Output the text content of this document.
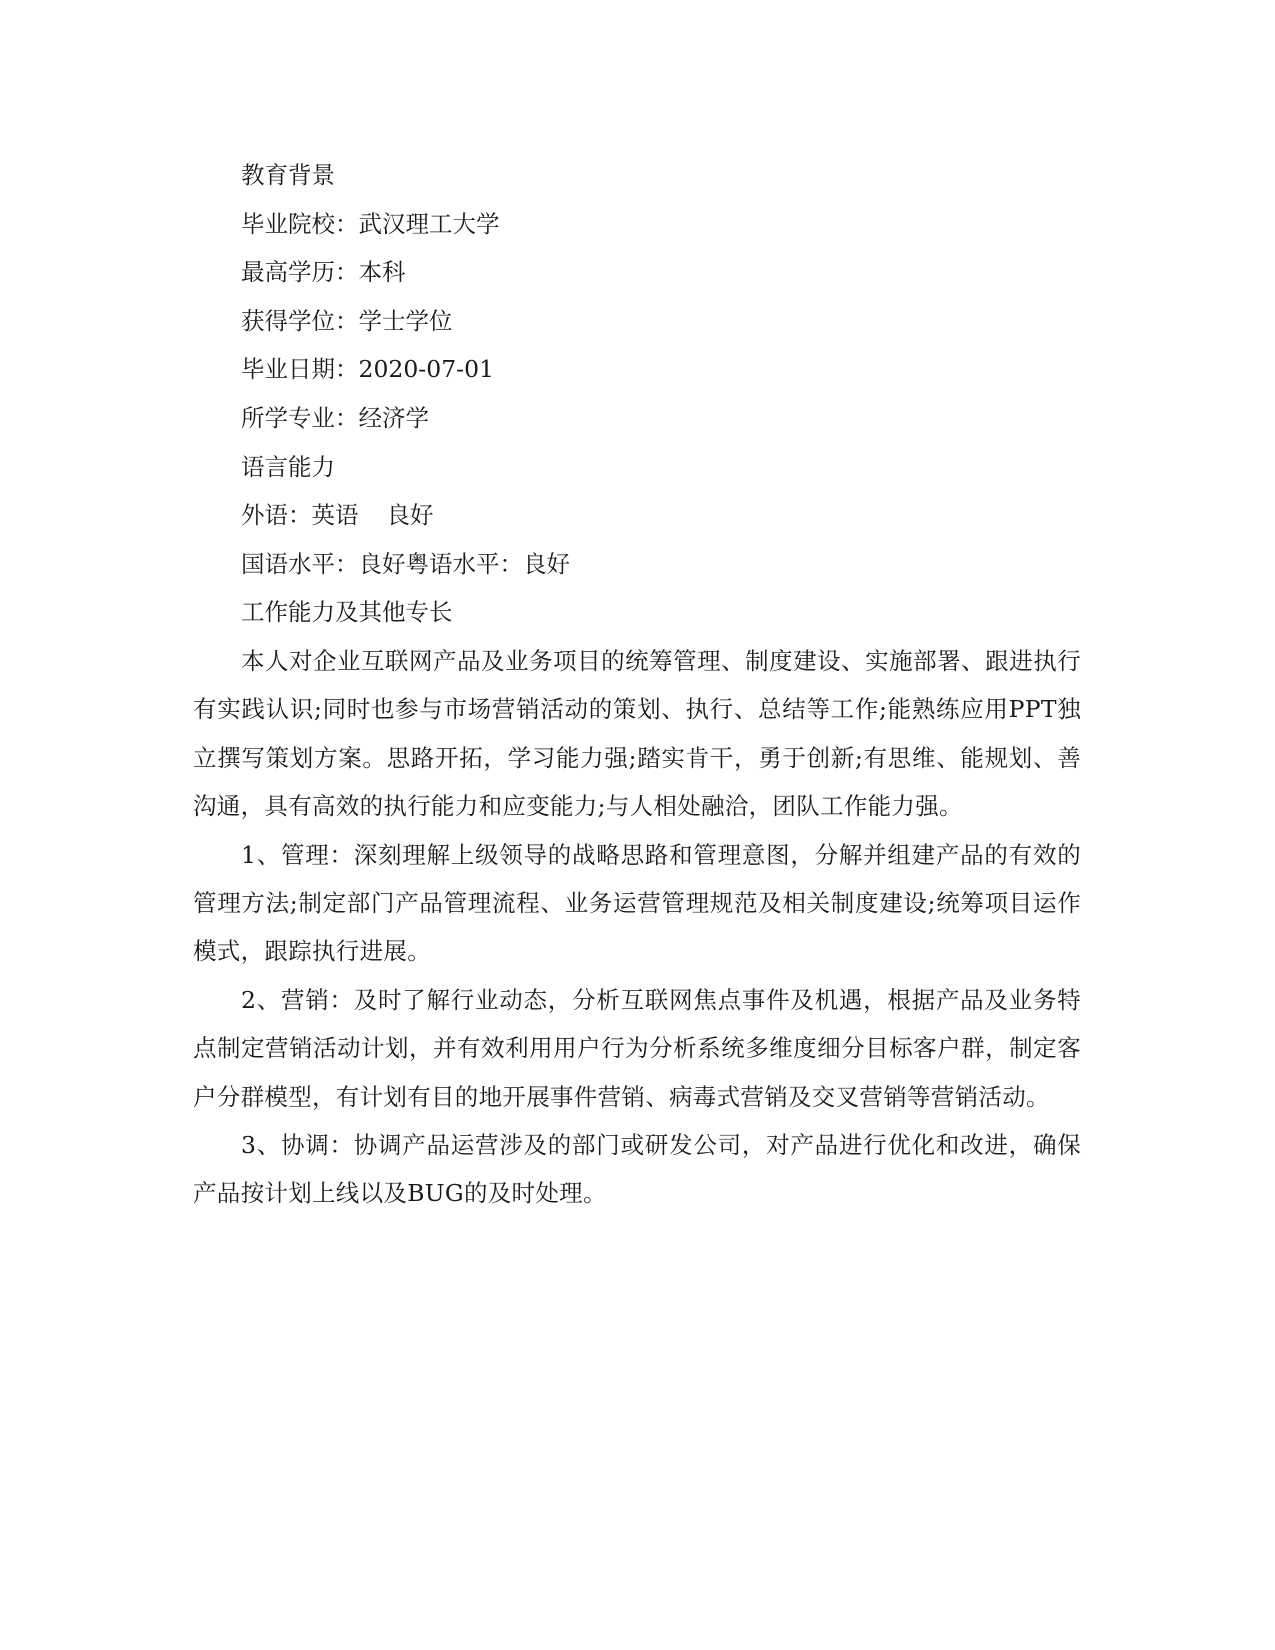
教育背景

毕业院校：武汉理工大学

最高学历：本科

获得学位：学士学位

毕业日期：2020-07-01

所学专业：经济学

语言能力

外语：英语 良好

国语水平：良好粤语水平：良好

工作能力及其他专长

本人对企业互联网产品及业务项目的统筹管理、制度建设、实施部署、跟进执行有实践认识;同时也参与市场营销活动的策划、执行、总结等工作;能熟练应用PPT独立撰写策划方案。思路开拓，学习能力强;踏实肯干，勇于创新;有思维、能规划、善沟通，具有高效的执行能力和应变能力;与人相处融洽，团队工作能力强。

1、管理：深刻理解上级领导的战略思路和管理意图，分解并组建产品的有效的管理方法;制定部门产品管理流程、业务运营管理规范及相关制度建设;统筹项目运作模式，跟踪执行进展。

2、营销：及时了解行业动态，分析互联网焦点事件及机遇，根据产品及业务特点制定营销活动计划，并有效利用用户行为分析系统多维度细分目标客户群，制定客户分群模型，有计划有目的地开展事件营销、病毒式营销及交叉营销等营销活动。

3、协调：协调产品运营涉及的部门或研发公司，对产品进行优化和改进，确保产品按计划上线以及BUG的及时处理。
